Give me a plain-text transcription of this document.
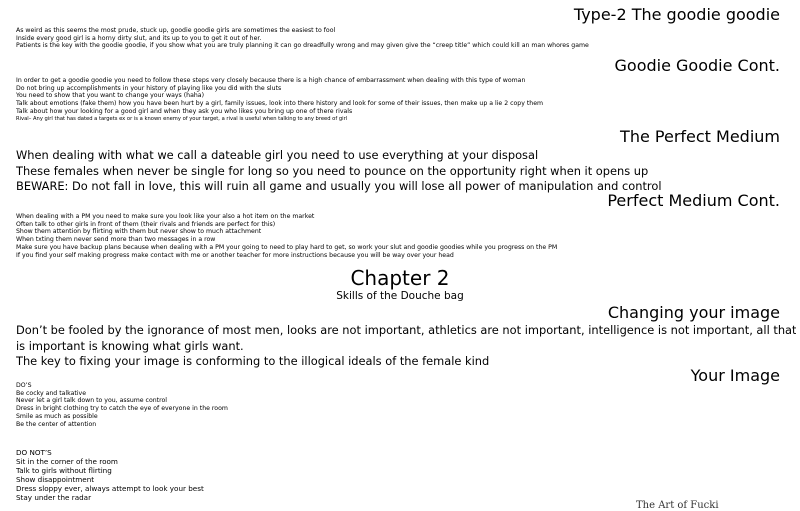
Type-2 The goodie goodie
As weird as this seems the most prude, stuck up, goodie goodie girls are sometimes the easiest to fool
Inside every good girl is a horny dirty slut, and its up to you to get it out of her.
Patients is the key with the goodie goodie, if you show what you are truly planning it can go dreadfully wrong and may given give the “creep title” which could kill an man whores game
Goodie Goodie Cont.
In order to get a goodie goodie you need to follow these steps very closely because there is a high chance of embarrassment when dealing with this type of woman
Do not bring up accomplishments in your history of playing like you did with the sluts
You need to show that you want to change your ways (haha)
Talk about emotions (fake them) how you have been hurt by a girl, family issues, look into there history and look for some of their issues, then make up a lie 2 copy them
Talk about how your looking for a good girl and when they ask you who likes you bring up one of there rivals
Rival– Any girl that has dated a targets ex or is a known enemy of your target, a rival is useful when talking to any breed of girl
The Perfect Medium
When dealing with what we call a dateable girl you need to use everything at your disposal
These females when never be single for long so you need to pounce on the opportunity right when it opens up
BEWARE: Do not fall in love, this will ruin all game and usually you will lose all power of manipulation and control
Perfect Medium Cont.
When dealing with a PM you need to make sure you look like your also a hot item on the market
Often talk to other girls in front of them (their rivals and friends are perfect for this)
Show them attention by flirting with them but never show to much attachment
When txting them never send more than two messages in a row
Make sure you have backup plans because when dealing with a PM your going to need to play hard to get, so work your slut and goodie goodies while you progress on the PM
If you find your self making progress make contact with me or another teacher for more instructions because you will be way over your head
Chapter 2
Skills of the Douche bag
Changing your image
Don’t be fooled by the ignorance of most men, looks are not important, athletics are not important, intelligence is not important, all that
is important is knowing what girls want.
The key to fixing your image is conforming to the illogical ideals of the female kind
Your Image
DO’S
Be cocky and talkative
Never let a girl talk down to you, assume control
Dress in bright clothing try to catch the eye of everyone in the room
Smile as much as possible
Be the center of attention
DO NOT’S
Sit in the corner of the room
Talk to girls without flirting
Show disappointment
Dress sloppy ever, always attempt to look your best
Stay under the radar
The Art of Fucki
